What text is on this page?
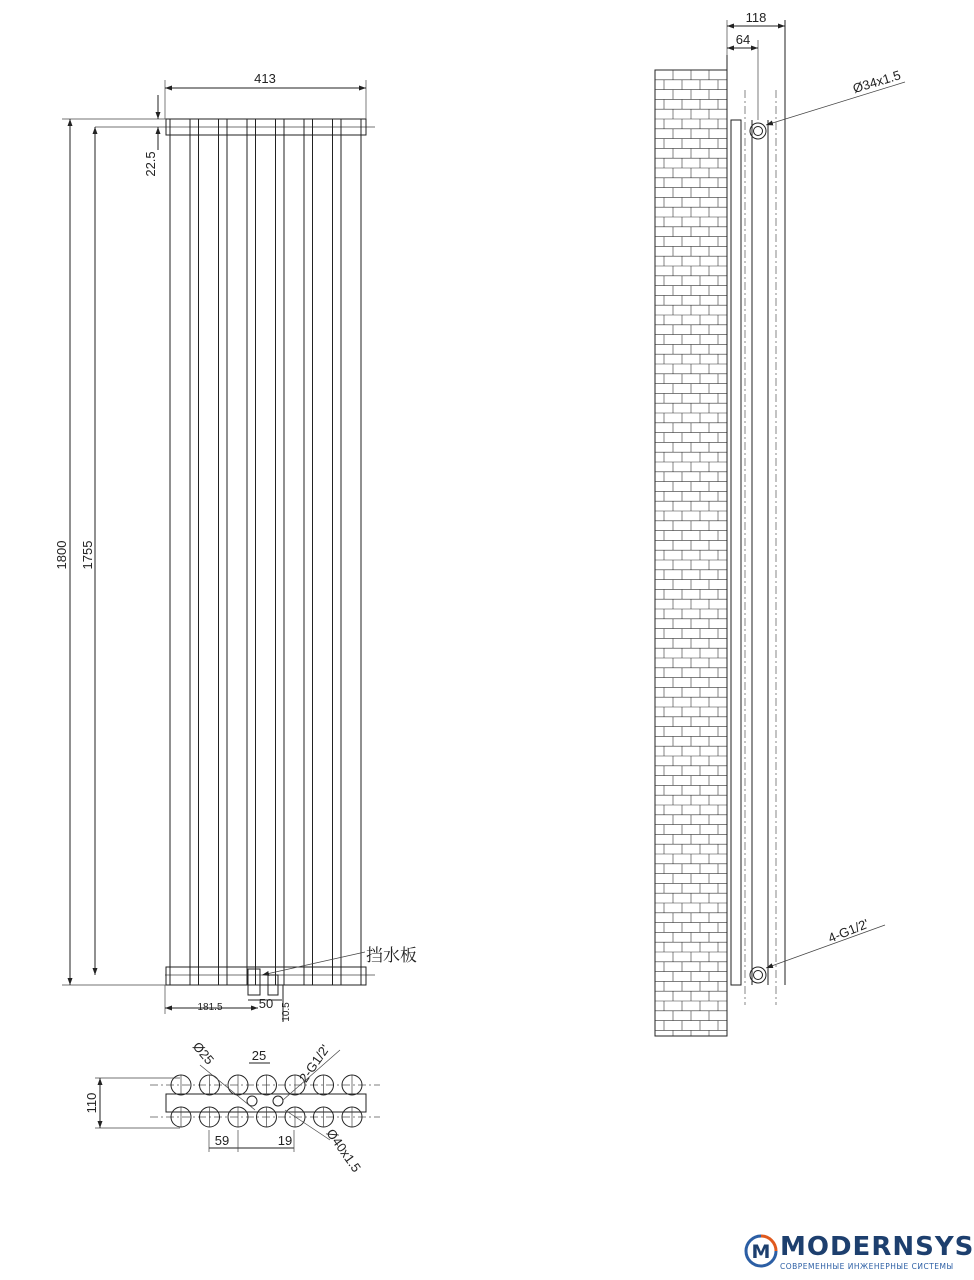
413
1800 1755
22.5
挡水板
181.5	50 10.5
110
Ø25	25 2-G1/2'
59	19 Ø40x1.5
118
64
Ø34x1.5
4-G1/2'
M MODERNSYS
СОВРЕМЕННЫЕ ИНЖЕНЕРНЫЕ СИСТЕМЫ
